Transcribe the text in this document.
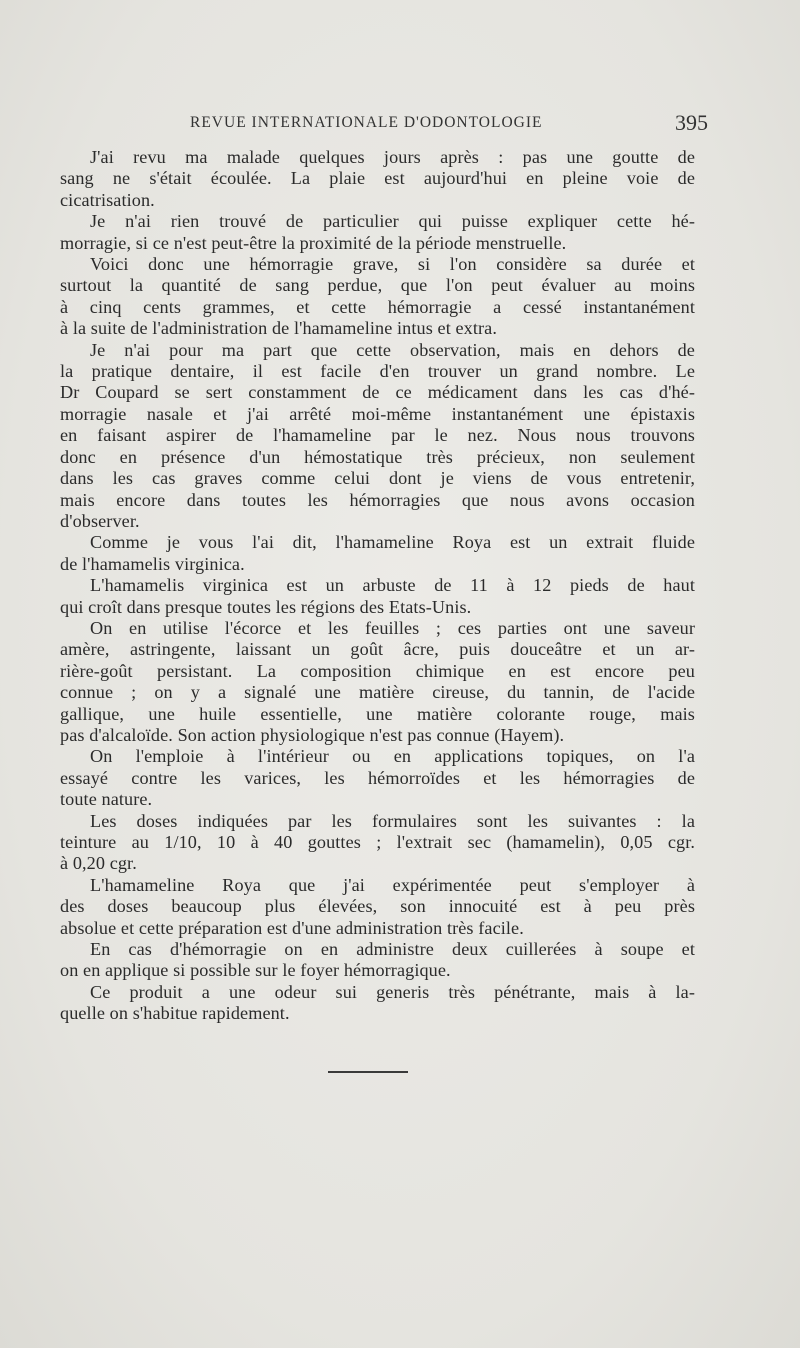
REVUE INTERNATIONALE D'ODONTOLOGIE	395

J'ai revu ma malade quelques jours après : pas une goutte de
sang ne s'était écoulée. La plaie est aujourd'hui en pleine voie de
cicatrisation.

Je n'ai rien trouvé de particulier qui puisse expliquer cette hé-
morragie, si ce n'est peut-être la proximité de la période menstruelle.

Voici donc une hémorragie grave, si l'on considère sa durée et
surtout la quantité de sang perdue, que l'on peut évaluer au moins
à cinq cents grammes, et cette hémorragie a cessé instantanément
à la suite de l'administration de l'hamameline intus et extra.

Je n'ai pour ma part que cette observation, mais en dehors de
la pratique dentaire, il est facile d'en trouver un grand nombre. Le
Dr Coupard se sert constamment de ce médicament dans les cas d'hé-
morragie nasale et j'ai arrêté moi-même instantanément une épistaxis
en faisant aspirer de l'hamameline par le nez. Nous nous trouvons
donc en présence d'un hémostatique très précieux, non seulement
dans les cas graves comme celui dont je viens de vous entretenir,
mais encore dans toutes les hémorragies que nous avons occasion
d'observer.

Comme je vous l'ai dit, l'hamameline Roya est un extrait fluide
de l'hamamelis virginica.

L'hamamelis virginica est un arbuste de 11 à 12 pieds de haut
qui croît dans presque toutes les régions des Etats-Unis.

On en utilise l'écorce et les feuilles ; ces parties ont une saveur
amère, astringente, laissant un goût âcre, puis douceâtre et un ar-
rière-goût persistant. La composition chimique en est encore peu
connue ; on y a signalé une matière cireuse, du tannin, de l'acide
gallique, une huile essentielle, une matière colorante rouge, mais
pas d'alcaloïde. Son action physiologique n'est pas connue (Hayem).

On l'emploie à l'intérieur ou en applications topiques, on l'a
essayé contre les varices, les hémorroïdes et les hémorragies de
toute nature.

Les doses indiquées par les formulaires sont les suivantes : la
teinture au 1/10, 10 à 40 gouttes ; l'extrait sec (hamamelin), 0,05 cgr.
à 0,20 cgr.

L'hamameline Roya que j'ai expérimentée peut s'employer à
des doses beaucoup plus élevées, son innocuité est à peu près
absolue et cette préparation est d'une administration très facile.

En cas d'hémorragie on en administre deux cuillerées à soupe et
on en applique si possible sur le foyer hémorragique.

Ce produit a une odeur sui generis très pénétrante, mais à la-
quelle on s'habitue rapidement.
